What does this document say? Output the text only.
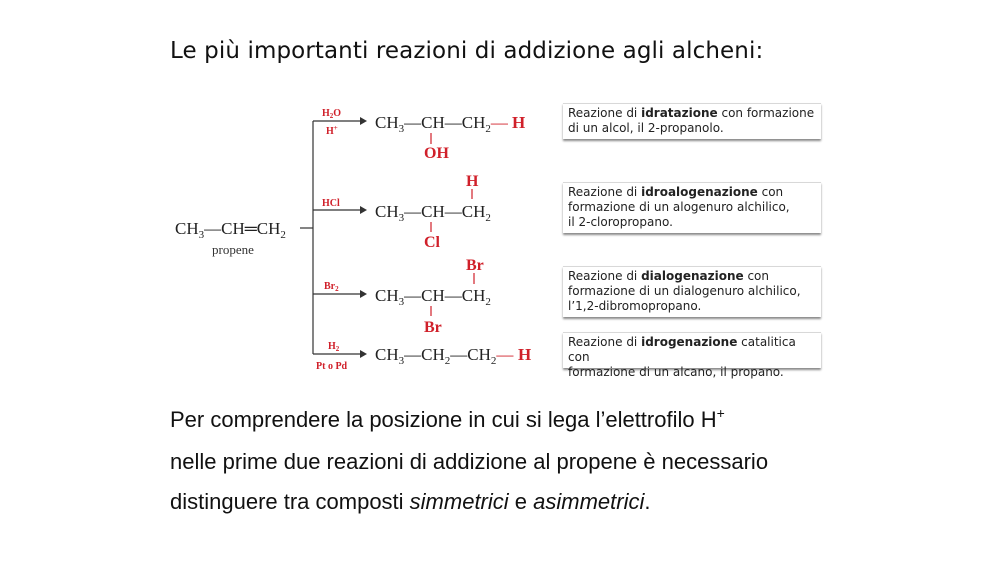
Le più importanti reazioni di addizione agli alcheni:
$CH_3—CH═CH_2$
propene
$H_2O$
H+
HCl
$Br_2$
$H_2$
Pt o Pd
$CH_3—CH—CH_2—$ H
OH
H
$CH_3—CH—CH_2$
Cl
Br
$CH_3—CH—CH_2$
Br
$CH_3—CH_2—CH_2—$ H
Reazione di idratazione con formazione
di un alcol, il 2-propanolo.
Reazione di idroalogenazione con
formazione di un alogenuro alchilico,
il 2-cloropropano.
Reazione di dialogenazione con
formazione di un dialogenuro alchilico,
l’1,2-dibromopropano.
Reazione di idrogenazione catalitica con
formazione di un alcano, il propano.
Per comprendere la posizione in cui si lega l’elettrofilo H+
nelle prime due reazioni di addizione al propene è necessario
distinguere tra composti simmetrici e asimmetrici.
